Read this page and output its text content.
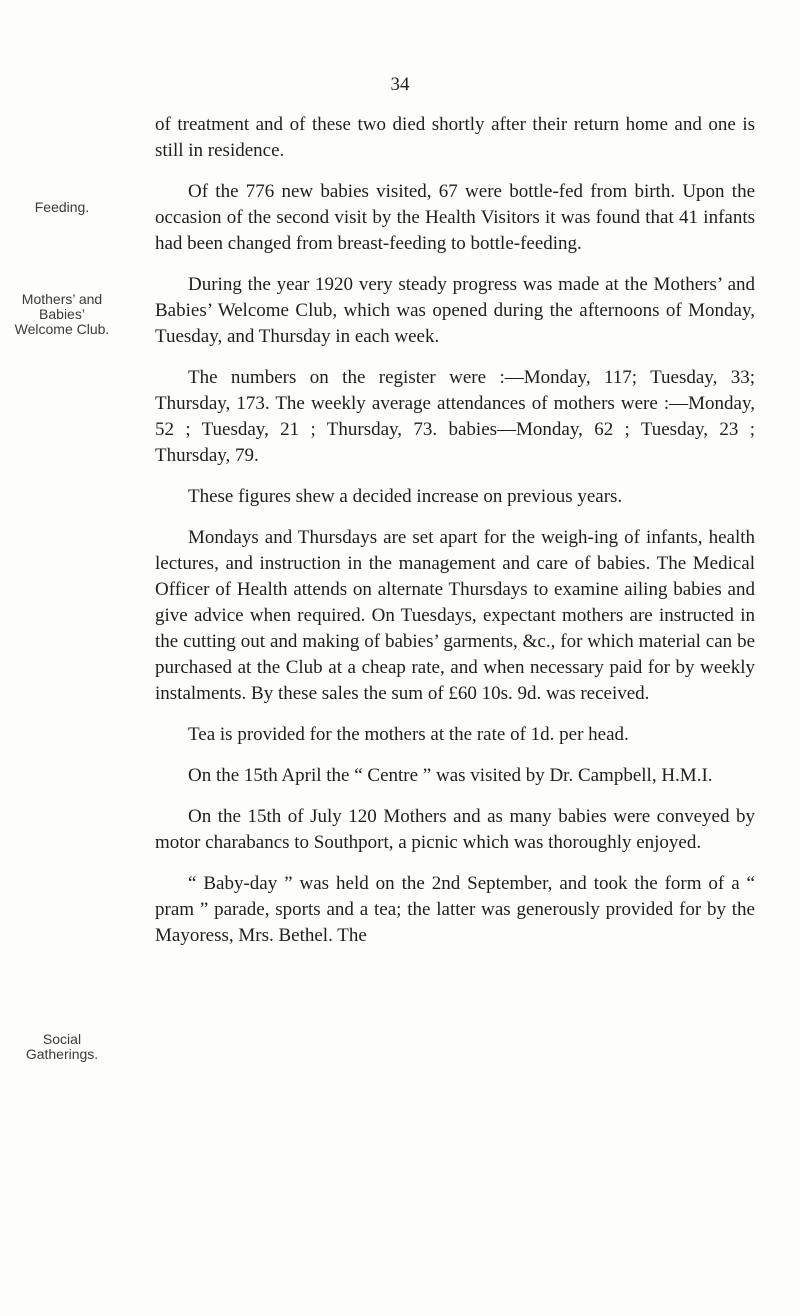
34
Feeding.
Mothers’ and Babies’ Welcome Club.
Social Gatherings.

of treatment and of these two died shortly after their return home and one is still in residence.

Of the 776 new babies visited, 67 were bottle-fed from birth. Upon the occasion of the second visit by the Health Visitors it was found that 41 infants had been changed from breast-feeding to bottle-feeding.

During the year 1920 very steady progress was made at the Mothers’ and Babies’ Welcome Club, which was opened during the afternoons of Monday, Tuesday, and Thursday in each week.

The numbers on the register were :—Monday, 117; Tuesday, 33; Thursday, 173. The weekly average attendances of mothers were :—Monday, 52 ; Tuesday, 21 ; Thursday, 73. babies—Monday, 62 ; Tuesday, 23 ; Thursday, 79.

These figures shew a decided increase on previous years.

Mondays and Thursdays are set apart for the weigh-ing of infants, health lectures, and instruction in the management and care of babies. The Medical Officer of Health attends on alternate Thursdays to examine ailing babies and give advice when required. On Tuesdays, expectant mothers are instructed in the cutting out and making of babies’ garments, &c., for which material can be purchased at the Club at a cheap rate, and when necessary paid for by weekly instalments. By these sales the sum of £60 10s. 9d. was received.

Tea is provided for the mothers at the rate of 1d. per head.

On the 15th April the “ Centre ” was visited by Dr. Campbell, H.M.I.

On the 15th of July 120 Mothers and as many babies were conveyed by motor charabancs to Southport, a picnic which was thoroughly enjoyed.

“ Baby-day ” was held on the 2nd September, and took the form of a “ pram ” parade, sports and a tea; the latter was generously provided for by the Mayoress, Mrs. Bethel. The
